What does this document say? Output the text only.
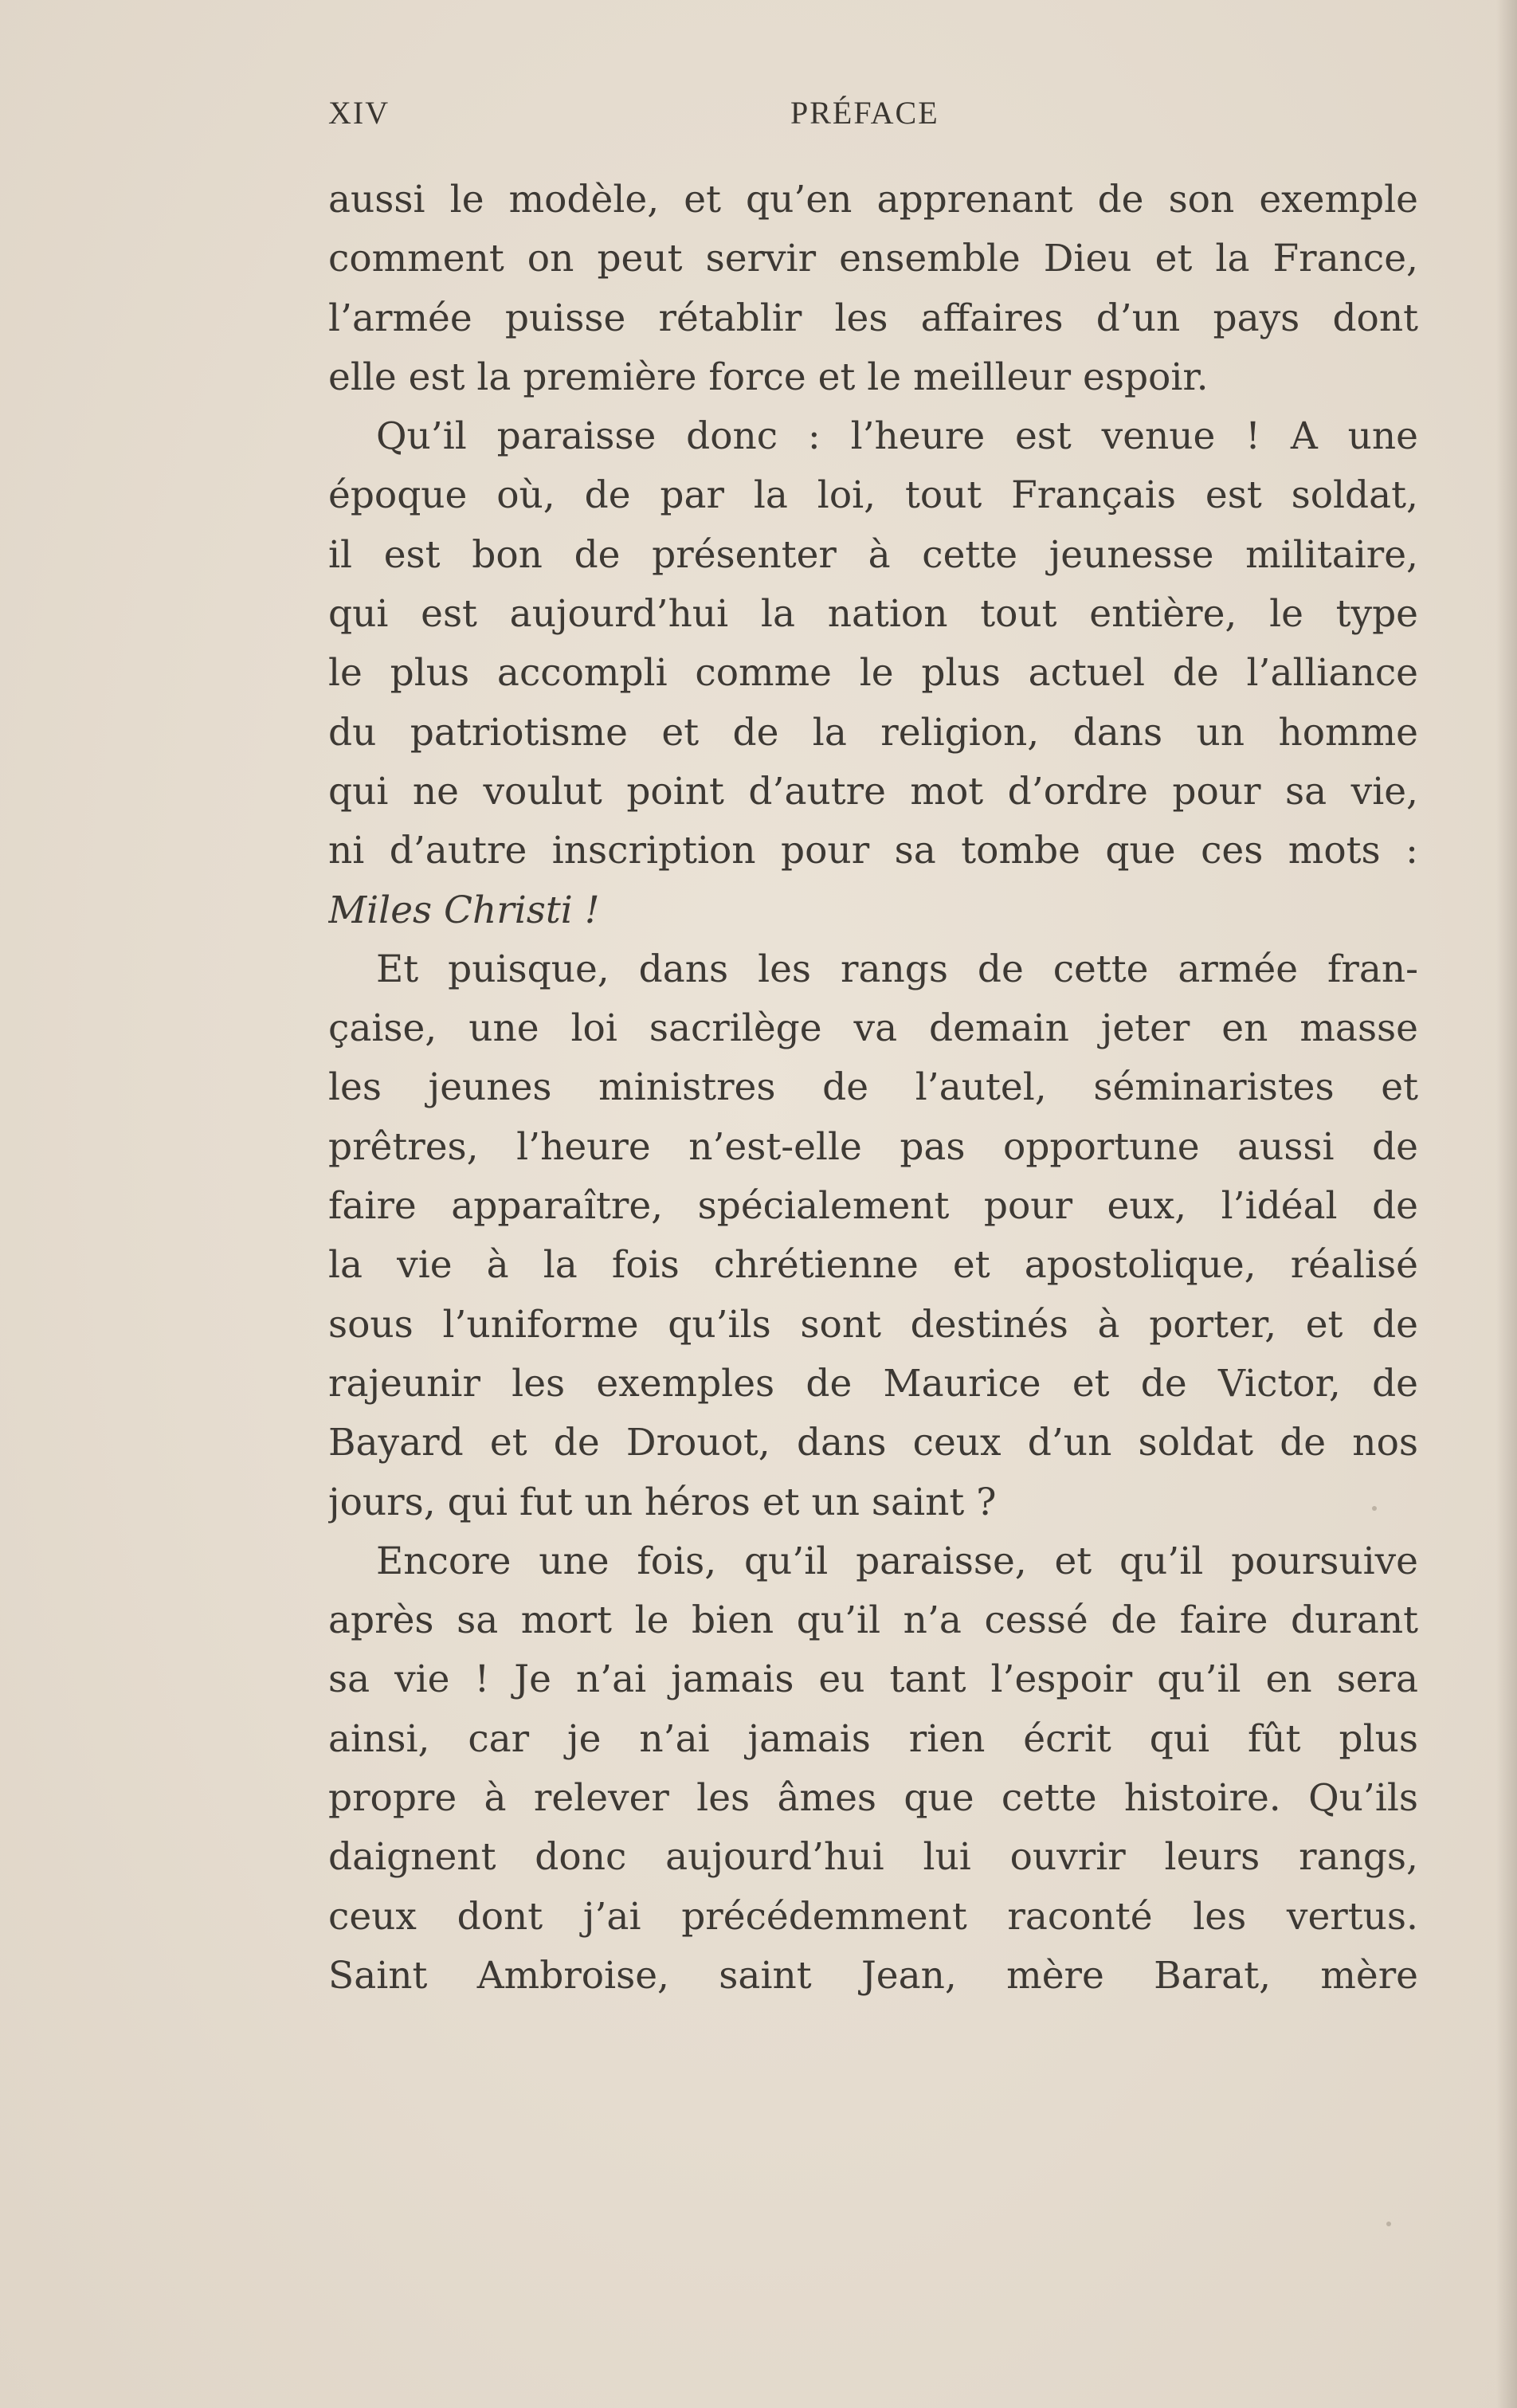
XIV	PRÉFACE
aussi le modèle, et qu’en apprenant de son exemple
comment on peut servir ensemble Dieu et la France,
l’armée puisse rétablir les affaires d’un pays dont
elle est la première force et le meilleur espoir.
Qu’il paraisse donc : l’heure est venue ! A une
époque où, de par la loi, tout Français est soldat,
il est bon de présenter à cette jeunesse militaire,
qui est aujourd’hui la nation tout entière, le type
le plus accompli comme le plus actuel de l’alliance
du patriotisme et de la religion, dans un homme
qui ne voulut point d’autre mot d’ordre pour sa vie,
ni d’autre inscription pour sa tombe que ces mots :
Miles Christi !
Et puisque, dans les rangs de cette armée fran-
çaise, une loi sacrilège va demain jeter en masse
les jeunes ministres de l’autel, séminaristes et
prêtres, l’heure n’est-elle pas opportune aussi de
faire apparaître, spécialement pour eux, l’idéal de
la vie à la fois chrétienne et apostolique, réalisé
sous l’uniforme qu’ils sont destinés à porter, et de
rajeunir les exemples de Maurice et de Victor, de
Bayard et de Drouot, dans ceux d’un soldat de nos
jours, qui fut un héros et un saint ?
Encore une fois, qu’il paraisse, et qu’il poursuive
après sa mort le bien qu’il n’a cessé de faire durant
sa vie ! Je n’ai jamais eu tant l’espoir qu’il en sera
ainsi, car je n’ai jamais rien écrit qui fût plus
propre à relever les âmes que cette histoire. Qu’ils
daignent donc aujourd’hui lui ouvrir leurs rangs,
ceux dont j’ai précédemment raconté les vertus.
Saint Ambroise, saint Jean, mère Barat, mère
